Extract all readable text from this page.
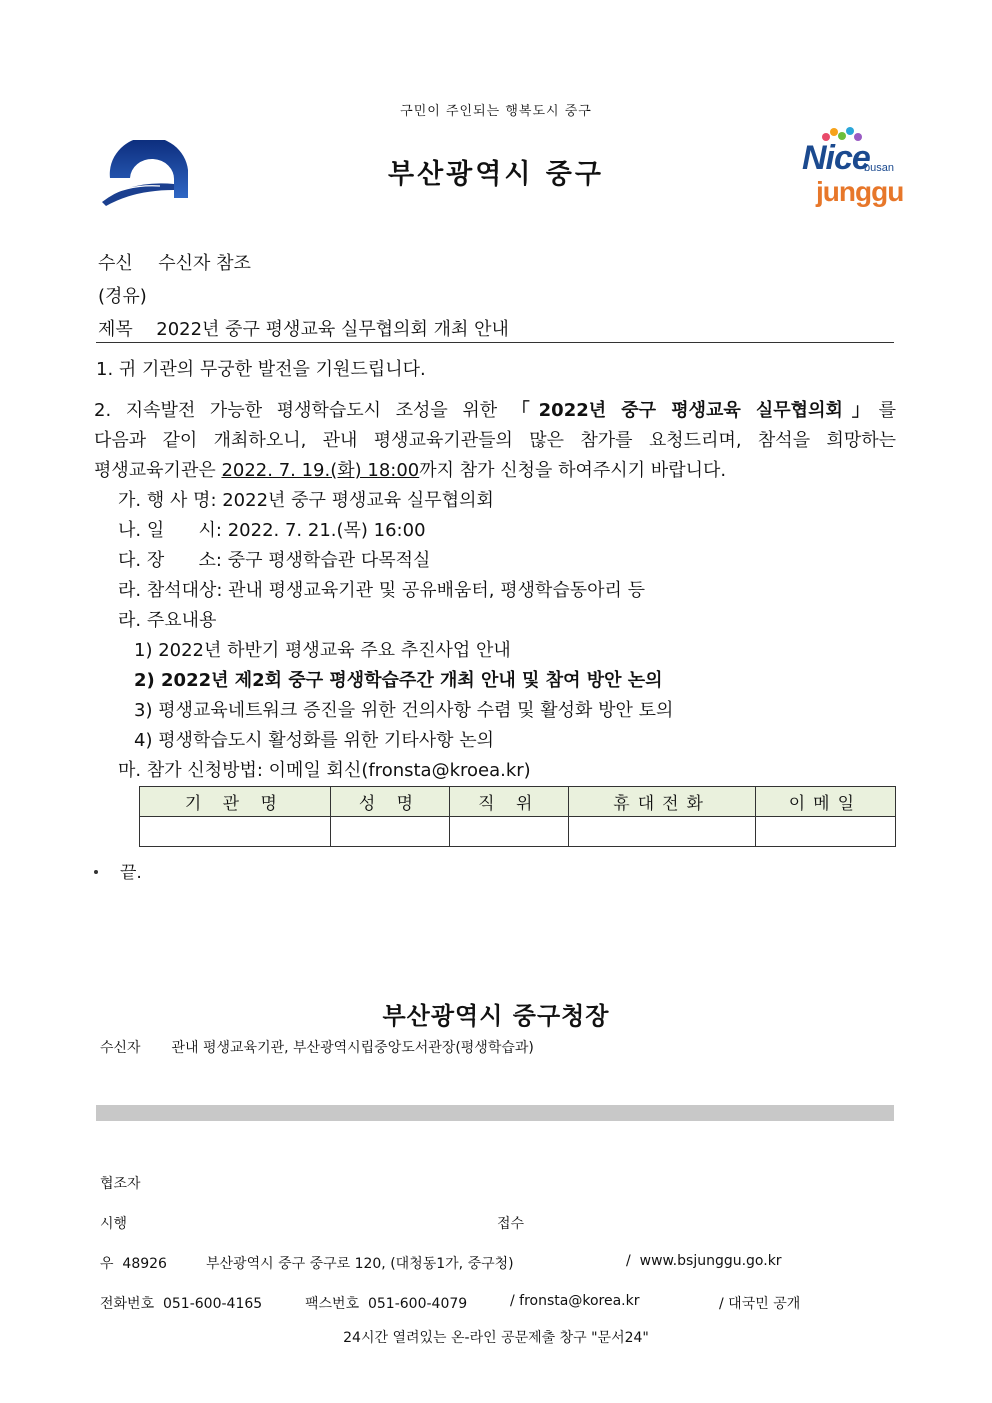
구민이 주인되는 행복도시 중구
부산광역시 중구	Nice
busan
junggu
수신 수신자 참조
(경유)
제목 2022년 중구 평생교육 실무협의회 개최 안내
1. 귀 기관의 무궁한 발전을 기원드립니다.
2. 지속발전 가능한 평생학습도시 조성을 위한 「2022년 중구 평생교육 실무협의회」를
다음과 같이 개최하오니, 관내 평생교육기관들의 많은 참가를 요청드리며, 참석을 희망하는
평생교육기관은 2022. 7. 19.(화) 18:00까지 참가 신청을 하여주시기 바랍니다.
가. 행 사 명: 2022년 중구 평생교육 실무협의회
나. 일      시: 2022. 7. 21.(목) 16:00
다. 장      소: 중구 평생학습관 다목적실
라. 참석대상: 관내 평생교육기관 및 공유배움터, 평생학습동아리 등
라. 주요내용
1) 2022년 하반기 평생교육 주요 추진사업 안내
2) 2022년 제2회 중구 평생학습주간 개최 안내 및 참여 방안 논의
3) 평생교육네트워크 증진을 위한 건의사항 수렴 및 활성화 방안 토의
4) 평생학습도시 활성화를 위한 기타사항 논의
마. 참가 신청방법: 이메일 회신(fronsta@kroea.kr)
기 관 명	성 명	직 위	휴대전화	이메일

끝.
부산광역시 중구청장
수신자 관내 평생교육기관, 부산광역시립중앙도서관장(평생학습과)
협조자
시행	접수
우  48926	부산광역시 중구 중구로 120, (대청동1가, 중구청)	/  www.bsjunggu.go.kr
전화번호  051-600-4165	팩스번호  051-600-4079	/ fronsta@korea.kr	/ 대국민 공개
24시간 열려있는 온-라인 공문제출 창구 "문서24"
